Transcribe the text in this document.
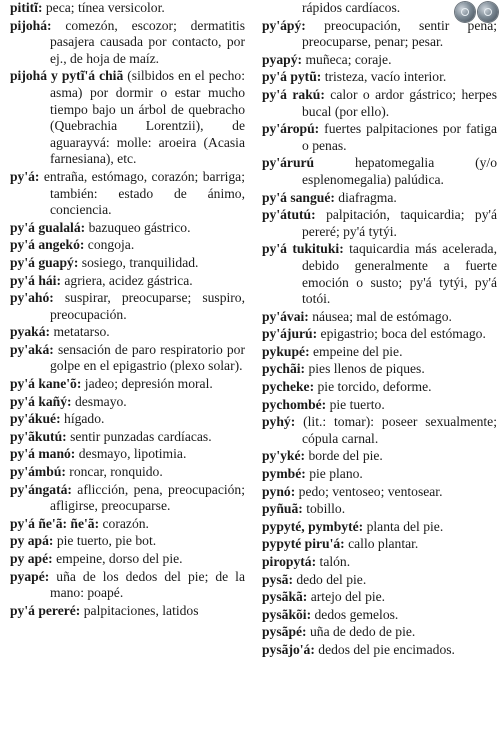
pititĩ: peca; tínea versicolor.
pijohá: comezón, escozor; dermatitis pasajera causada por contacto, por ej., de hoja de maíz.
pijohá y pytĩ'á chiã (silbidos en el pecho: asma) por dormir o estar mucho tiempo bajo un árbol de quebracho (Quebrachia Lorentzii), de aguarayvá: molle: aroeira (Acasia farnesiana), etc.
py'á: entraña, estómago, corazón; barriga; también: estado de ánimo, conciencia.
py'á gualalá: bazuqueo gástrico.
py'á angekó: congoja.
py'á guapý: sosiego, tranquilidad.
py'á hái: agriera, acidez gástrica.
py'ahó: suspirar, preocuparse; suspiro, preocupación.
pyaká: metatarso.
py'aká: sensación de paro respiratorio por golpe en el epigastrio (plexo solar).
py'á kane'õ: jadeo; depresión moral.
py'á kañý: desmayo.
py'ákué: hígado.
py'ãkutú: sentir punzadas cardíacas.
py'á manó: desmayo, lipotimia.
py'ámbú: roncar, ronquido.
py'ángatá: aflicción, pena, preocupación; afligirse, preocuparse.
py'á ñe'ã: ñe'ã: corazón.
py apá: pie tuerto, pie bot.
py apé: empeine, dorso del pie.
pyapé: uña de los dedos del pie; de la mano: poapé.
py'á pereré: palpitaciones, latidos
rápidos cardíacos.
py'ápý: preocupación, sentir pena; preocuparse, penar; pesar.
pyapý: muñeca; coraje.
py'á pytũ: tristeza, vacío interior.
py'á rakú: calor o ardor gástrico; herpes bucal (por ello).
py'áropú: fuertes palpitaciones por fatiga o penas.
py'árurú hepatomegalia (y/o esplenomegalia) palúdica.
py'á sangué: diafragma.
py'átutú: palpitación, taquicardia; py'á pereré; py'á tytýi.
py'á tukituki: taquicardia más acelerada, debido generalmente a fuerte emoción o susto; py'á tytýi, py'á totói.
py'ávai: náusea; mal de estómago.
py'ájurú: epigastrio; boca del estómago.
pykupé: empeine del pie.
pychãi: pies llenos de piques.
pycheke: pie torcido, deforme.
pychombé: pie tuerto.
pyhý: (lit.: tomar): poseer sexualmente; cópula carnal.
py'yké: borde del pie.
pymbé: pie plano.
pynó: pedo; ventoseo; ventosear.
pyñuã: tobillo.
pypyté, pymbyté: planta del pie.
pypyté piru'á: callo plantar.
piropytá: talón.
pysã: dedo del pie.
pysãkã: artejo del pie.
pysãkõi: dedos gemelos.
pysãpé: uña de dedo de pie.
pysãjo'á: dedos del pie encimados.
